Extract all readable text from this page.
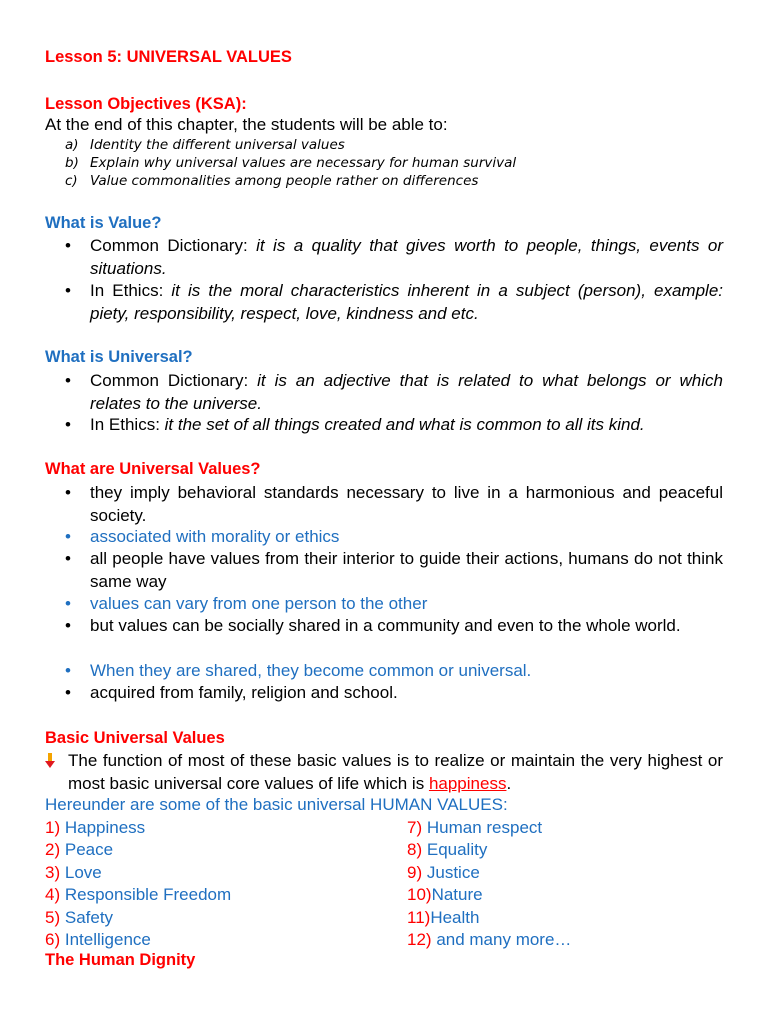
Lesson 5: UNIVERSAL VALUES
Lesson Objectives (KSA):
At the end of this chapter, the students will be able to:
a) Identity the different universal values
b) Explain why universal values are necessary for human survival
c) Value commonalities among people rather on differences
What is Value?
• Common Dictionary: it is a quality that gives worth to people, things, events or situations.
• In Ethics: it is the moral characteristics inherent in a subject (person), example: piety, responsibility, respect, love, kindness and etc.
What is Universal?
• Common Dictionary: it is an adjective that is related to what belongs or which relates to the universe.
• In Ethics: it the set of all things created and what is common to all its kind.
What are Universal Values?
• they imply behavioral standards necessary to live in a harmonious and peaceful society.
• associated with morality or ethics
• all people have values from their interior to guide their actions, humans do not think same way
• values can vary from one person to the other
• but values can be socially shared in a community and even to the whole world.
• When they are shared, they become common or universal.
• acquired from family, religion and school.
Basic Universal Values
The function of most of these basic values is to realize or maintain the very highest or most basic universal core values of life which is happiness.
Hereunder are some of the basic universal HUMAN VALUES:
1) Happiness
2) Peace
3) Love
4) Responsible Freedom
5) Safety
6) Intelligence
7) Human respect
8) Equality
9) Justice
10)Nature
11)Health
12) and many more…
The Human Dignity
